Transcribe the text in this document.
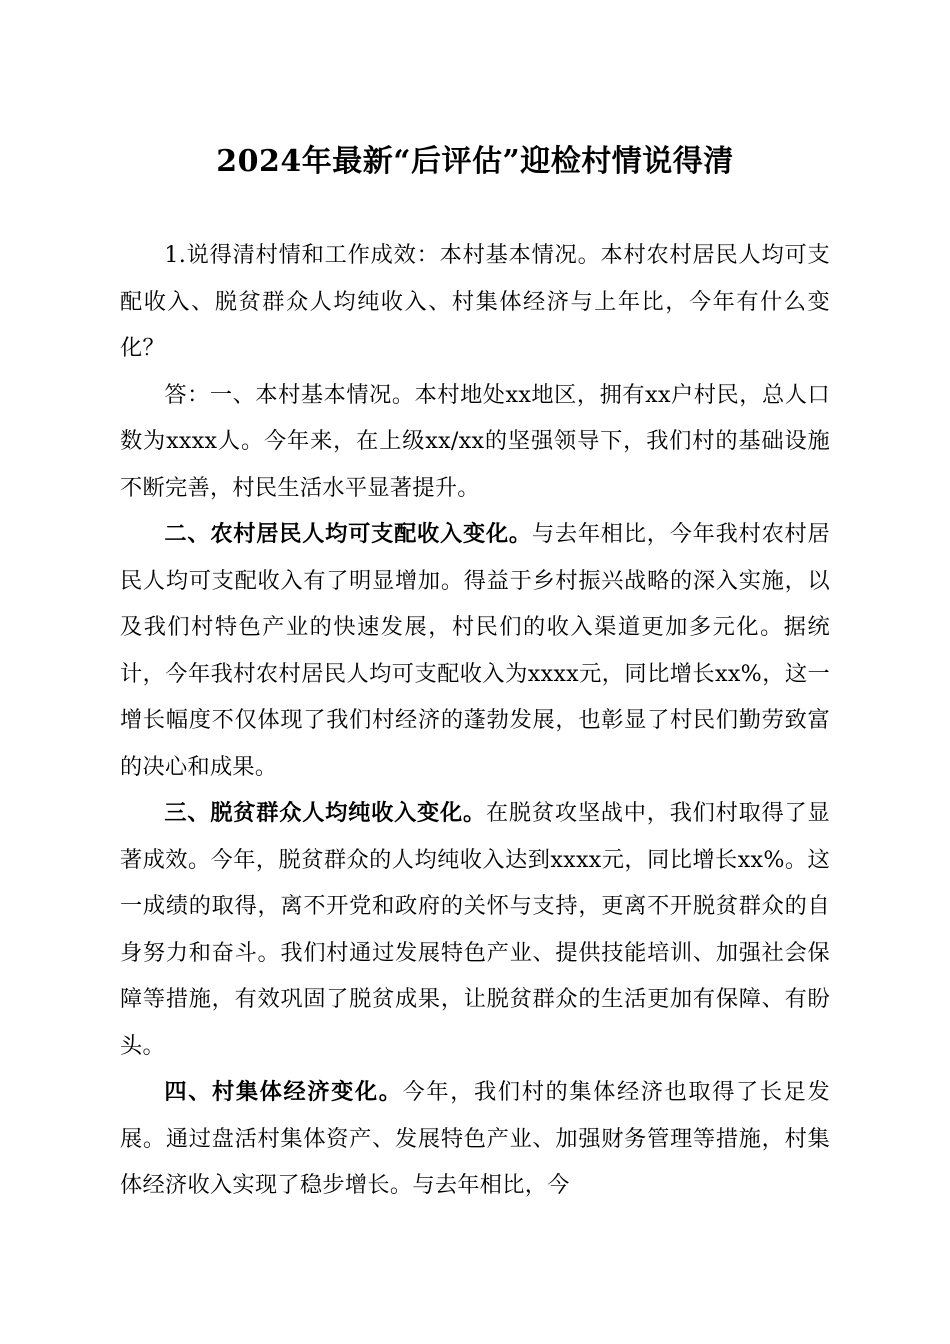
2024年最新“后评估”迎检村情说得清

1.说得清村情和工作成效：本村基本情况。本村农村居民人均可支配收入、脱贫群众人均纯收入、村集体经济与上年比，今年有什么变化？

答：一、本村基本情况。本村地处xx地区，拥有xx户村民，总人口数为xxxx人。今年来，在上级xx/xx的坚强领导下，我们村的基础设施不断完善，村民生活水平显著提升。

二、农村居民人均可支配收入变化。与去年相比，今年我村农村居民人均可支配收入有了明显增加。得益于乡村振兴战略的深入实施，以及我们村特色产业的快速发展，村民们的收入渠道更加多元化。据统计，今年我村农村居民人均可支配收入为xxxx元，同比增长xx%，这一增长幅度不仅体现了我们村经济的蓬勃发展，也彰显了村民们勤劳致富的决心和成果。

三、脱贫群众人均纯收入变化。在脱贫攻坚战中，我们村取得了显著成效。今年，脱贫群众的人均纯收入达到xxxx元，同比增长xx%。这一成绩的取得，离不开党和政府的关怀与支持，更离不开脱贫群众的自身努力和奋斗。我们村通过发展特色产业、提供技能培训、加强社会保障等措施，有效巩固了脱贫成果，让脱贫群众的生活更加有保障、有盼头。

四、村集体经济变化。今年，我们村的集体经济也取得了长足发展。通过盘活村集体资产、发展特色产业、加强财务管理等措施，村集体经济收入实现了稳步增长。与去年相比，今
